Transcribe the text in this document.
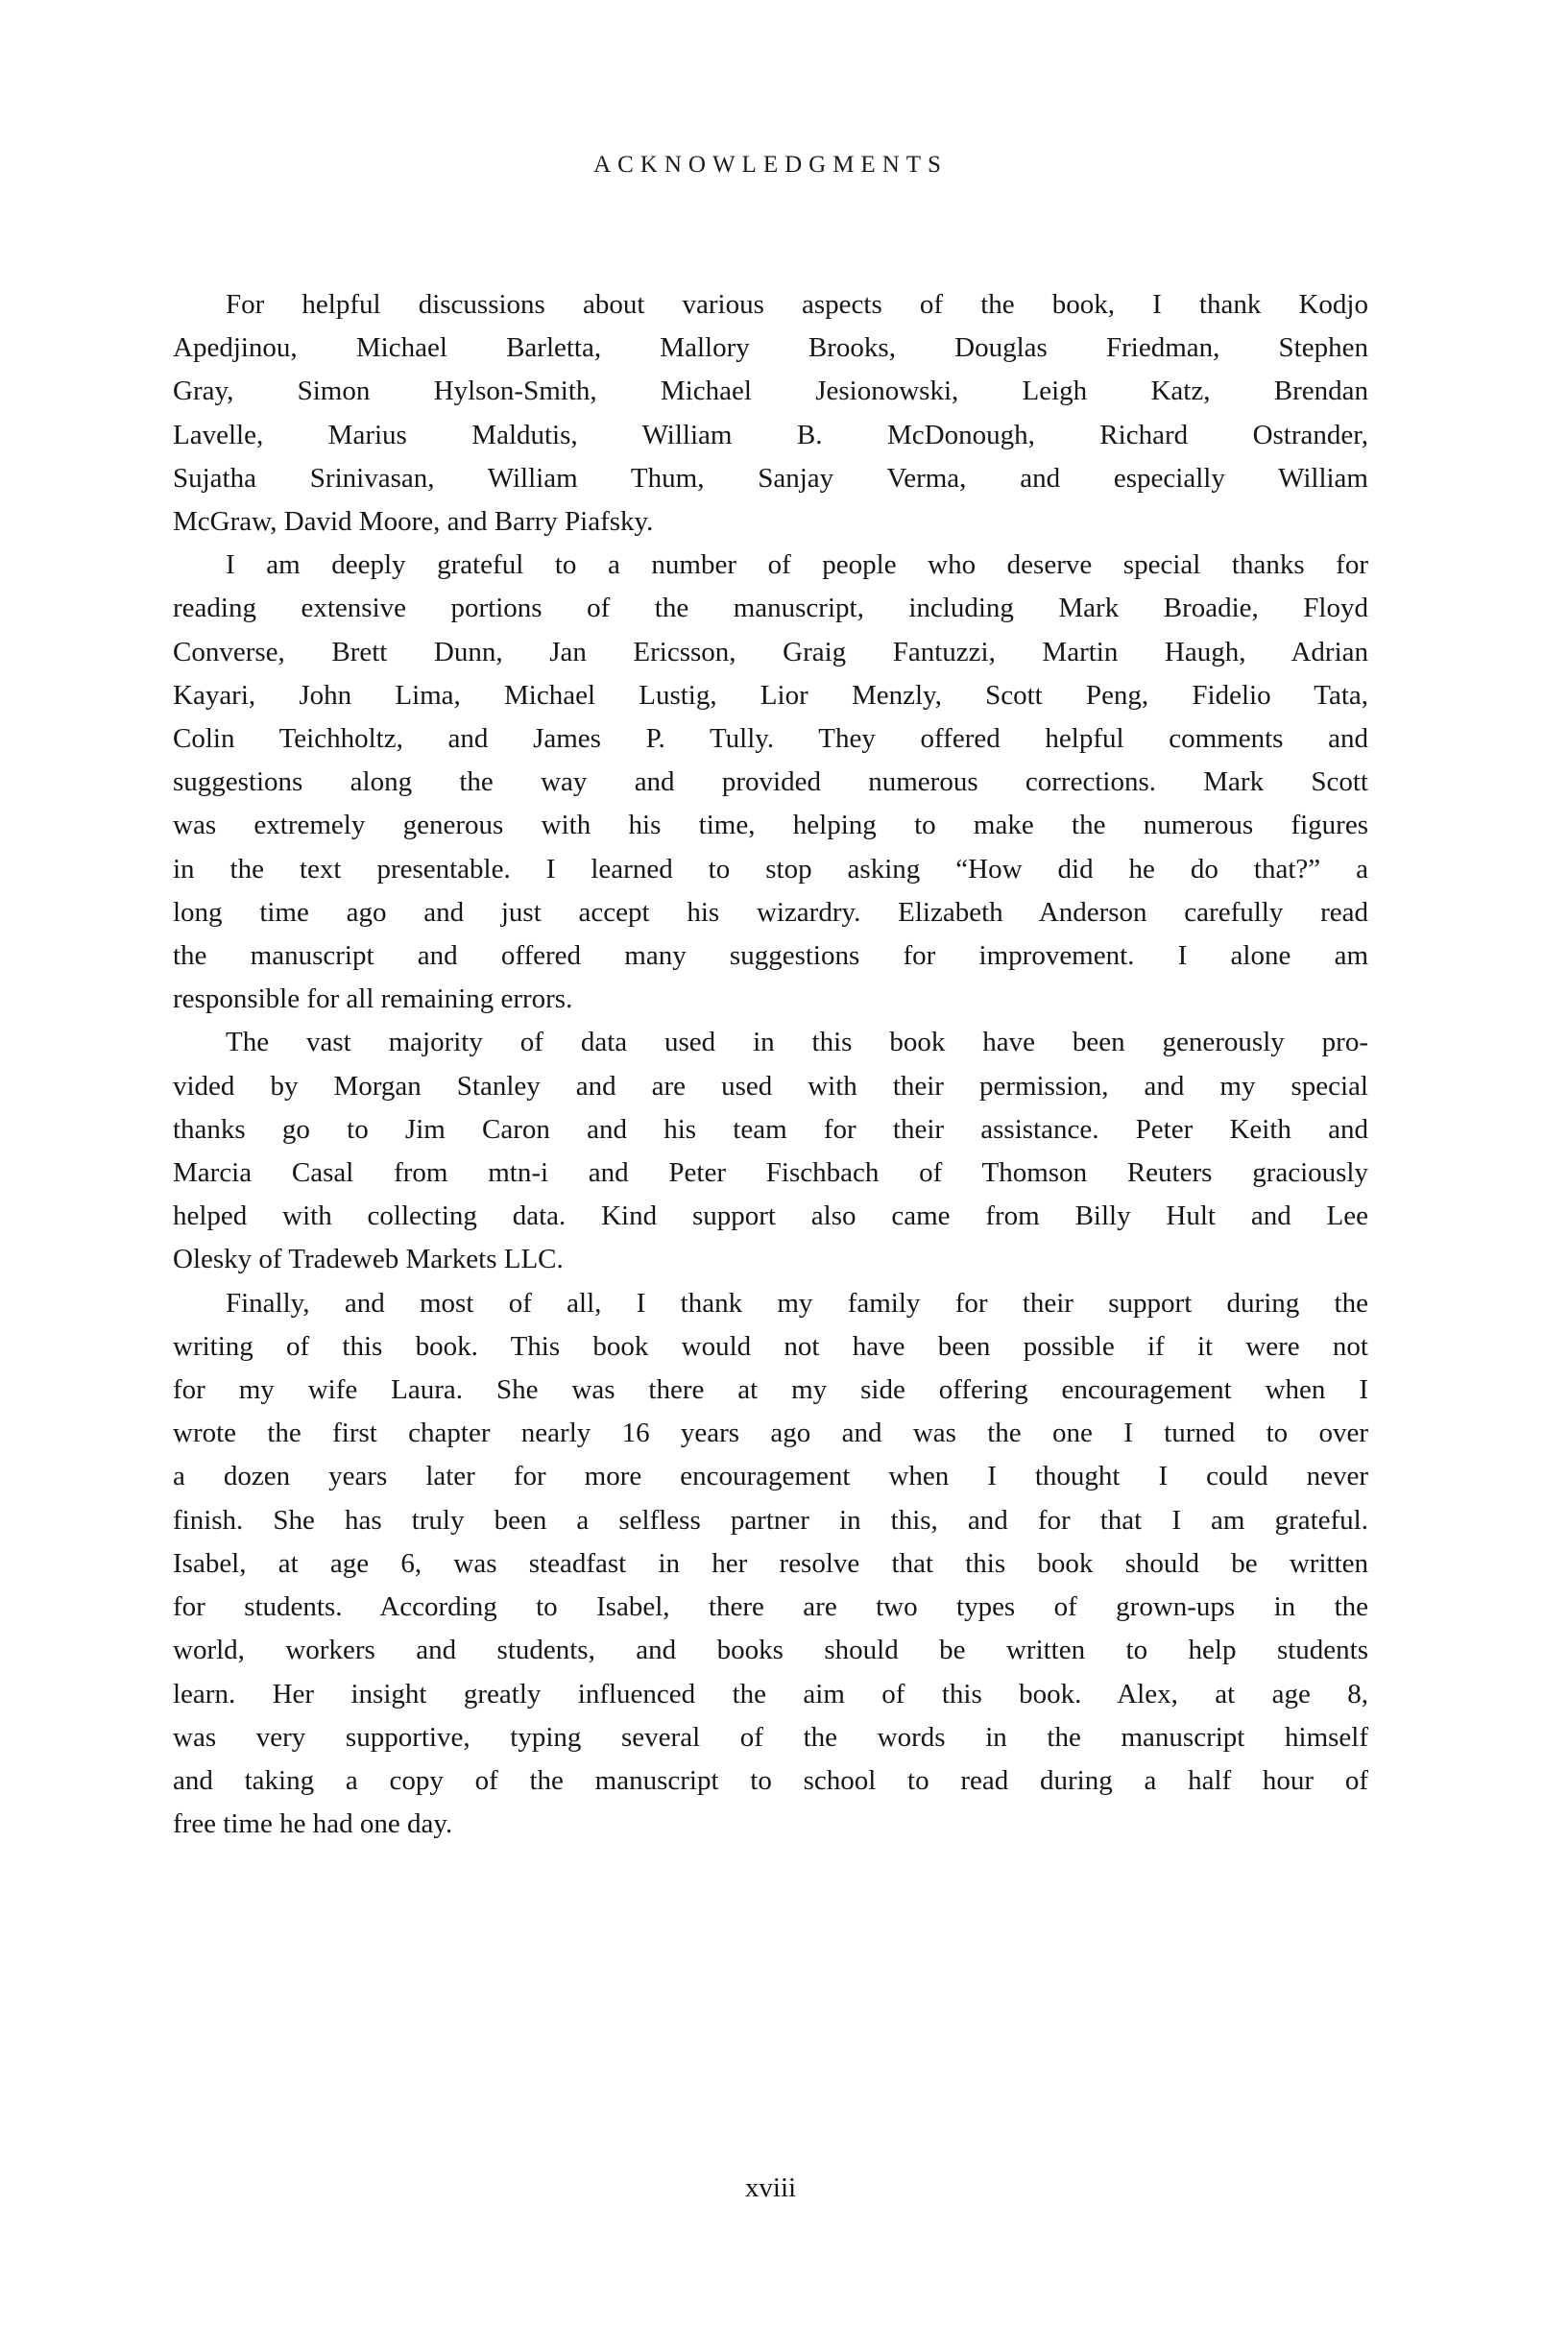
ACKNOWLEDGMENTS
For helpful discussions about various aspects of the book, I thank Kodjo
Apedjinou, Michael Barletta, Mallory Brooks, Douglas Friedman, Stephen
Gray, Simon Hylson-Smith, Michael Jesionowski, Leigh Katz, Brendan
Lavelle, Marius Maldutis, William B. McDonough, Richard Ostrander,
Sujatha Srinivasan, William Thum, Sanjay Verma, and especially William
McGraw, David Moore, and Barry Piafsky.
I am deeply grateful to a number of people who deserve special thanks for
reading extensive portions of the manuscript, including Mark Broadie, Floyd
Converse, Brett Dunn, Jan Ericsson, Graig Fantuzzi, Martin Haugh, Adrian
Kayari, John Lima, Michael Lustig, Lior Menzly, Scott Peng, Fidelio Tata,
Colin Teichholtz, and James P. Tully. They offered helpful comments and
suggestions along the way and provided numerous corrections. Mark Scott
was extremely generous with his time, helping to make the numerous figures
in the text presentable. I learned to stop asking “How did he do that?” a
long time ago and just accept his wizardry. Elizabeth Anderson carefully read
the manuscript and offered many suggestions for improvement. I alone am
responsible for all remaining errors.
The vast majority of data used in this book have been generously pro-
vided by Morgan Stanley and are used with their permission, and my special
thanks go to Jim Caron and his team for their assistance. Peter Keith and
Marcia Casal from mtn-i and Peter Fischbach of Thomson Reuters graciously
helped with collecting data. Kind support also came from Billy Hult and Lee
Olesky of Tradeweb Markets LLC.
Finally, and most of all, I thank my family for their support during the
writing of this book. This book would not have been possible if it were not
for my wife Laura. She was there at my side offering encouragement when I
wrote the first chapter nearly 16 years ago and was the one I turned to over
a dozen years later for more encouragement when I thought I could never
finish. She has truly been a selfless partner in this, and for that I am grateful.
Isabel, at age 6, was steadfast in her resolve that this book should be written
for students. According to Isabel, there are two types of grown-ups in the
world, workers and students, and books should be written to help students
learn. Her insight greatly influenced the aim of this book. Alex, at age 8,
was very supportive, typing several of the words in the manuscript himself
and taking a copy of the manuscript to school to read during a half hour of
free time he had one day.
xviii
